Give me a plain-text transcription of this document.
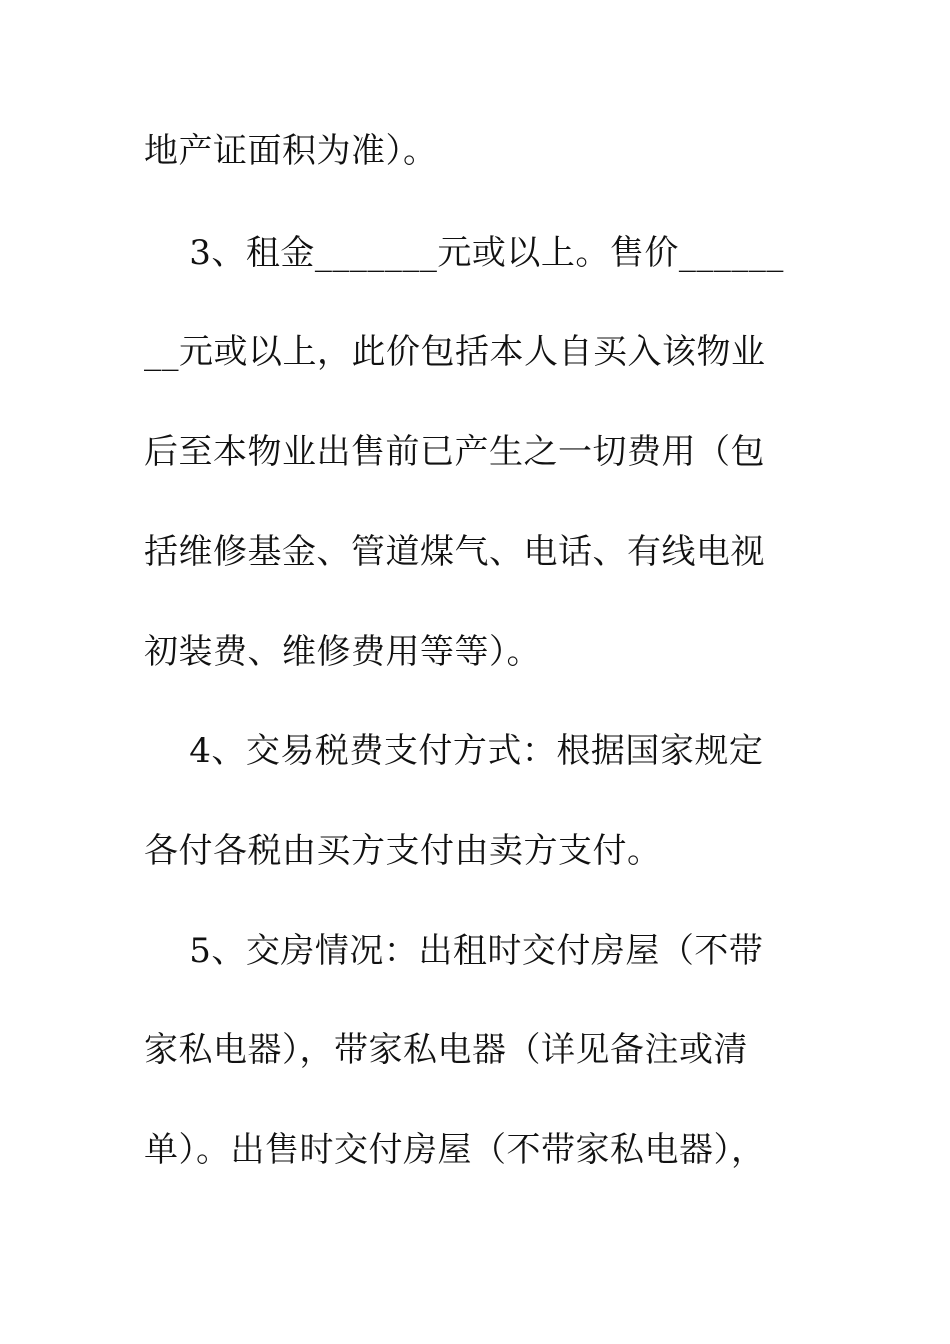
地产证面积为准）。

3、租金_______元或以上。售价______

__元或以上，此价包括本人自买入该物业

后至本物业出售前已产生之一切费用（包

括维修基金、管道煤气、电话、有线电视

初装费、维修费用等等）。

4、交易税费支付方式：根据国家规定

各付各税由买方支付由卖方支付。

5、交房情况：出租时交付房屋（不带

家私电器），带家私电器（详见备注或清

单）。出售时交付房屋（不带家私电器），
